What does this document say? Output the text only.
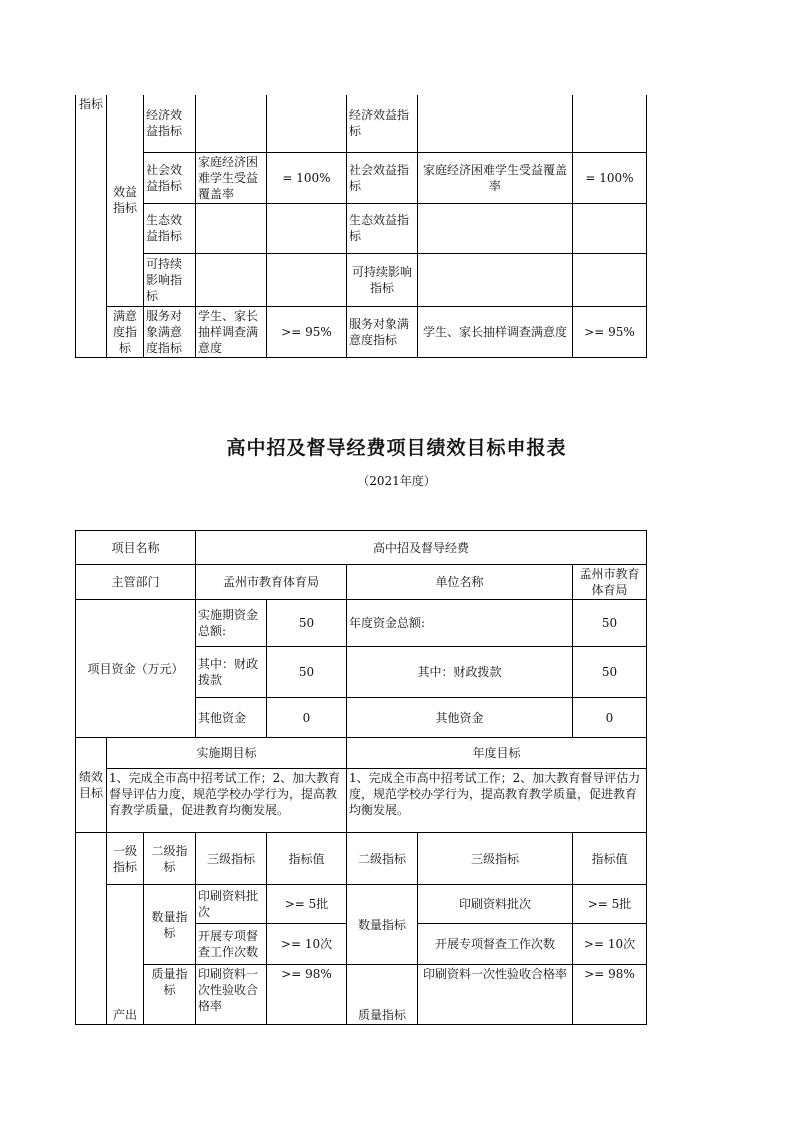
指标	效益指标	经济效益指标			经济效益指标		
		社会效益指标	家庭经济困难学生受益覆盖率	= 100%	社会效益指标	家庭经济困难学生受益覆盖率	= 100%
		生态效益指标			生态效益指标		
		可持续影响指标			可持续影响指标		
	满意度指标	服务对象满意度指标	学生、家长抽样调查满意度	>= 95%	服务对象满意度指标	学生、家长抽样调查满意度	>= 95%
高中招及督导经费项目绩效目标申报表
（2021年度）
项目名称			高中招及督导经费				
主管部门			孟州市教育体育局		单位名称		孟州市教育体育局
项目资金（万元）			实施期资金总额:	50	年度资金总额:		50
			其中：财政拨款	50	其中：财政拨款		50
			其他资金	0	其他资金		0
绩效目标	实施期目标				年度目标		
	1、完成全市高中招考试工作；2、加大教育督导评估力度，规范学校办学行为，提高教育教学质量，促进教育均衡发展。				1、完成全市高中招考试工作；2、加大教育督导评估力度，规范学校办学行为，提高教育教学质量，促进教育均衡发展。		
	一级指标	二级指标	三级指标	指标值	二级指标	三级指标	指标值
	产出	数量指标	印刷资料批次	>= 5批	数量指标	印刷资料批次	>= 5批
			开展专项督查工作次数	>= 10次		开展专项督查工作次数	>= 10次
		质量指标	印刷资料一次性验收合格率	>= 98%	质量指标	印刷资料一次性验收合格率	>= 98%
